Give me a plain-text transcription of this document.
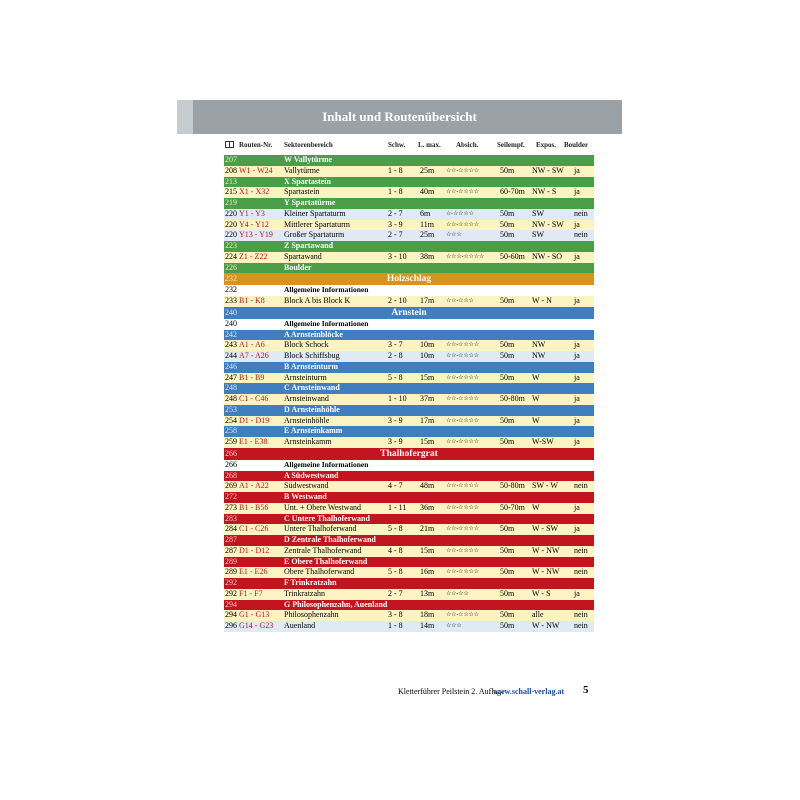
Inhalt und Routenübersicht
Routen-Nr. Sektorenbereich	Schw. L. max. Absich.	Seilempf. Expos. Boulder
207	W Vallytürme
208 W1 - W24 Vallytürme	1 - 8 25m ☆☆-☆☆☆☆	50m NW - SW ja
213	X Spartastein
215 X1 - X32 Spartastein	1 - 8 40m ☆☆-☆☆☆☆	60-70m NW - S ja
219	Y Spartatürme
220 Y1 - Y3 Kleiner Spartaturm	2 - 7 6m	☆-☆☆☆☆	50m SW	nein
220 Y4 - Y12 Mittlerer Spartaturm	3 - 9 11m ☆☆-☆☆☆☆	50m NW - SW ja
220 Y13 - Y19 Großer Spartaturm	2 - 7 25m ☆☆☆	50m SW	nein
223	Z Spartawand
224 Z1 - Z22 Spartawand	3 - 10 38m ☆☆☆-☆☆☆☆ 50-60m NW - SO ja
226	Boulder
232	Holzschlag
232	Allgemeine Informationen
233 B1 - K8 Block A bis Block K	2 - 10 17m ☆☆-☆☆☆	50m W - N	ja
240	Arnstein
240	Allgemeine Informationen
242	A Arnsteinblöcke
243 A1 - A6 Block Schock	3 - 7 10m ☆☆-☆☆☆☆	50m NW	ja
244 A7 - A26 Block Schiffsbug	2 - 8 10m ☆☆-☆☆☆☆	50m NW	ja
246	B Arnsteinturm
247 B1 - B9 Arnsteinturm	5 - 8 15m ☆☆-☆☆☆☆	50m W	ja
248	C Arnsteinwand
248 C1 - C46 Arnsteinwand	1 - 10 37m ☆☆-☆☆☆☆	50-80m W	ja
253	D Arnsteinhöhle
254 D1 - D19 Arnsteinhöhle	3 - 9 17m ☆☆-☆☆☆☆	50m W	ja
258	E Arnsteinkamm
259 E1 - E38 Arnsteinkamm	3 - 9 15m ☆☆-☆☆☆☆	50m W-SW	ja
266	Thalhofergrat
266	Allgemeine Informationen
268	A Südwestwand
269 A1 - A22 Südwestwand	4 - 7 48m ☆☆-☆☆☆☆	50-80m SW - W nein
272	B Westwand
273 B1 - B56 Unt. + Obere Westwand	1 - 11 36m ☆☆-☆☆☆☆	50-70m W	ja
283	C Untere Thalhoferwand
284 C1 - C26 Untere Thalhoferwand	5 - 8 21m ☆☆-☆☆☆☆	50m W - SW ja
287	D Zentrale Thalhoferwand
287 D1 - D12 Zentrale Thalhoferwand	4 - 8 15m ☆☆-☆☆☆☆	50m W - NW nein
289	E Obere Thalhoferwand
289 E1 - E26 Obere Thalhoferwand	5 - 8 16m ☆☆-☆☆☆☆	50m W - NW nein
292	F Trinkratzahn
292 F1 - F7	Trinkratzahn	2 - 7 13m ☆☆-☆☆	50m W - S	ja
294	G Philosophenzahn, Auenland
294 G1 - G13 Philosophenzahn	3 - 8 18m ☆☆-☆☆☆☆	50m alle	nein
296 G14 - G23 Auenland	1 - 8 14m ☆☆☆	50m W - NW nein
Kletterführer Peilstein 2. Auflage
www.schall-verlag.at 5
